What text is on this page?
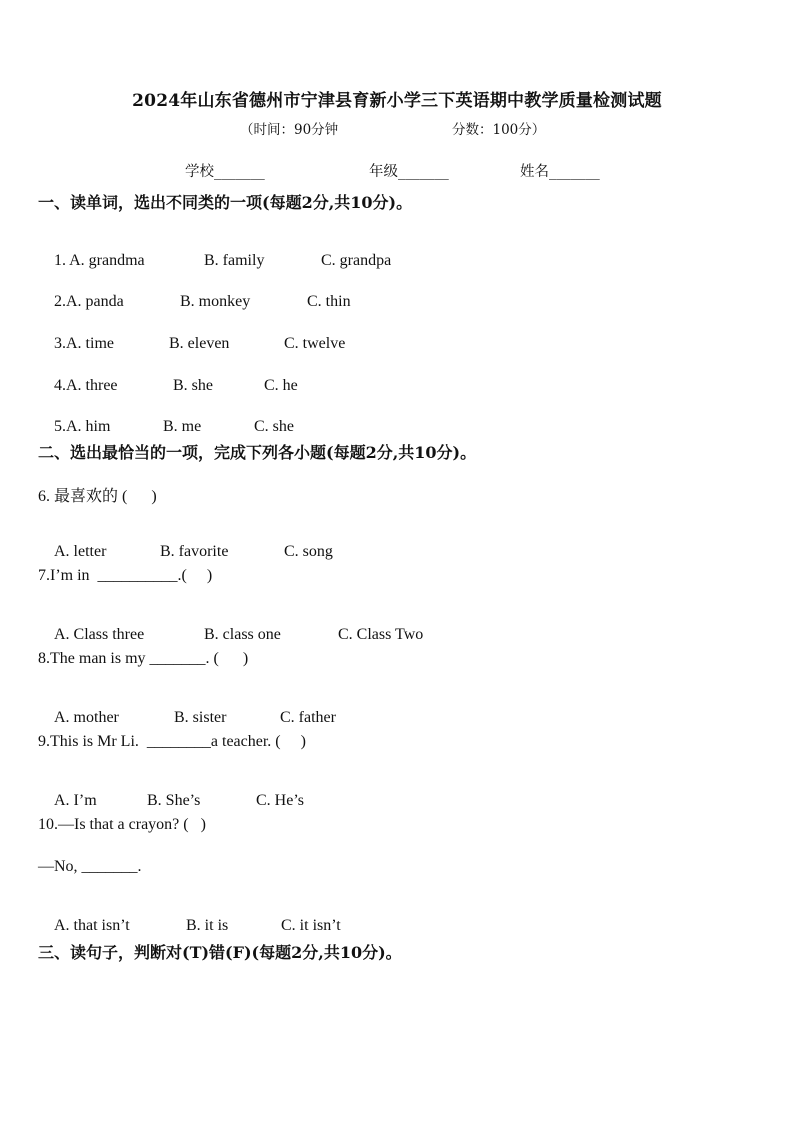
2024年山东省德州市宁津县育新小学三下英语期中教学质量检测试题
（时间：90分钟	分数：100分）
学校_______	年级_______	姓名_______
一、读单词，选出不同类的一项(每题2分,共10分)。

1. A. grandma	B. family	C. grandpa

2.A. panda	B. monkey	C. thin

3.A. time	B. eleven	C. twelve

4.A. three	B. she	C. he

5.A. him	B. me	C. she

二、选出最恰当的一项，完成下列各小题(每题2分,共10分)。
6. 最喜欢的 (      )

A. letter	B. favorite	C. song

7.I’m in  __________.(     )

A. Class three	B. class one	C. Class Two

8.The man is my _______. (      )

A. mother	B. sister	C. father

9.This is Mr Li.  ________a teacher. (     )

A. I’m	B. She’s	C. He’s

10.—Is that a crayon? (   )
—No, _______.

A. that isn’t	B. it is	C. it isn’t

三、读句子，判断对(T)错(F)(每题2分,共10分)。
